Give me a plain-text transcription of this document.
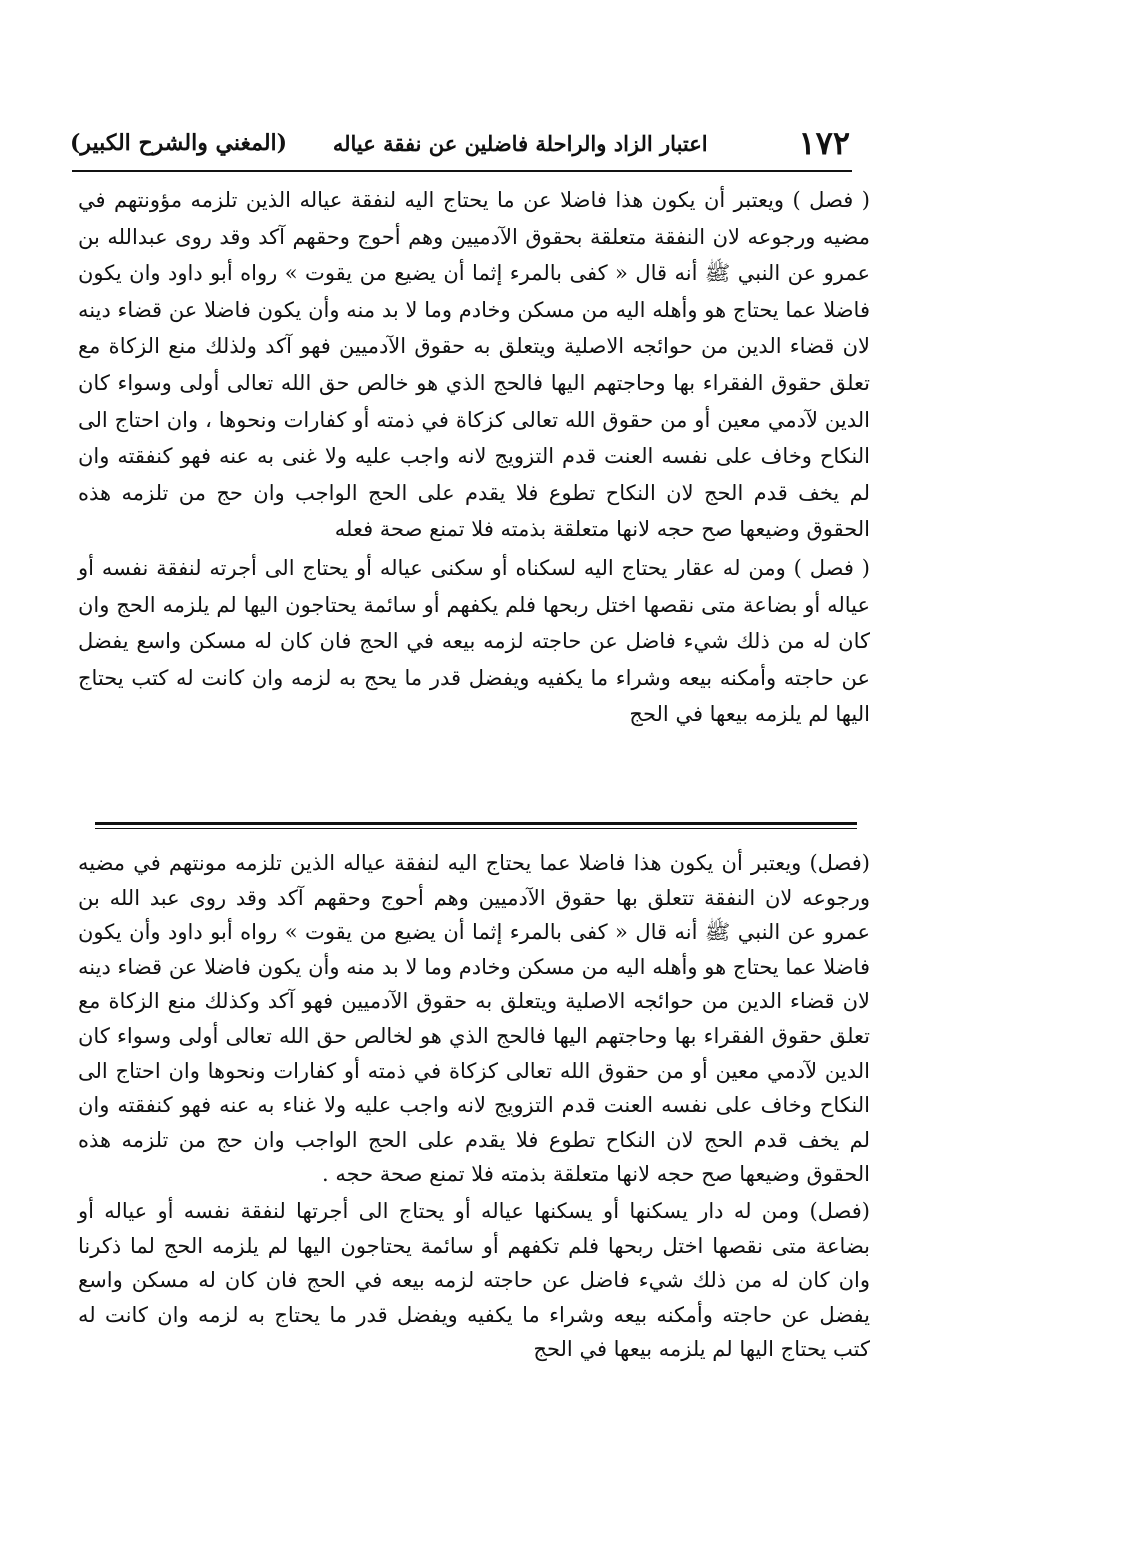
١٧٢
اعتبار الزاد والراحلة فاضلين عن نفقة عياله
(المغني والشرح الكبير)

( فصل ) ويعتبر أن يكون هذا فاضلا عن ما يحتاج اليه لنفقة عياله الذين تلزمه مؤونتهم في مضيه ورجوعه لان النفقة متعلقة بحقوق الآدميين وهم أحوج وحقهم آكد وقد روى عبدالله بن عمرو عن النبي ﷺ أنه قال « كفى بالمرء إثما أن يضيع من يقوت » رواه أبو داود وان يكون فاضلا عما يحتاج هو وأهله اليه من مسكن وخادم وما لا بد منه وأن يكون فاضلا عن قضاء دينه لان قضاء الدين من حوائجه الاصلية ويتعلق به حقوق الآدميين فهو آكد ولذلك منع الزكاة مع تعلق حقوق الفقراء بها وحاجتهم اليها فالحج الذي هو خالص حق الله تعالى أولى وسواء كان الدين لآدمي معين أو من حقوق الله تعالى كزكاة في ذمته أو كفارات ونحوها ، وان احتاج الى النكاح وخاف على نفسه العنت قدم التزويج لانه واجب عليه ولا غنى به عنه فهو كنفقته وان لم يخف قدم الحج لان النكاح تطوع فلا يقدم على الحج الواجب وان حج من تلزمه هذه الحقوق وضيعها صح حجه لانها متعلقة بذمته فلا تمنع صحة فعله

( فصل ) ومن له عقار يحتاج اليه لسكناه أو سكنى عياله أو يحتاج الى أجرته لنفقة نفسه أو عياله أو بضاعة متى نقصها اختل ربحها فلم يكفهم أو سائمة يحتاجون اليها لم يلزمه الحج وان كان له من ذلك شيء فاضل عن حاجته لزمه بيعه في الحج فان كان له مسكن واسع يفضل عن حاجته وأمكنه بيعه وشراء ما يكفيه ويفضل قدر ما يحج به لزمه وان كانت له كتب يحتاج اليها لم يلزمه بيعها في الحج

(فصل) ويعتبر أن يكون هذا فاضلا عما يحتاج اليه لنفقة عياله الذين تلزمه مونتهم في مضيه ورجوعه لان النفقة تتعلق بها حقوق الآدميين وهم أحوج وحقهم آكد وقد روى عبد الله بن عمرو عن النبي ﷺ أنه قال « كفى بالمرء إثما أن يضيع من يقوت » رواه أبو داود وأن يكون فاضلا عما يحتاج هو وأهله اليه من مسكن وخادم وما لا بد منه وأن يكون فاضلا عن قضاء دينه لان قضاء الدين من حوائجه الاصلية ويتعلق به حقوق الآدميين فهو آكد وكذلك منع الزكاة مع تعلق حقوق الفقراء بها وحاجتهم اليها فالحج الذي هو لخالص حق الله تعالى أولى وسواء كان الدين لآدمي معين أو من حقوق الله تعالى كزكاة في ذمته أو كفارات ونحوها وان احتاج الى النكاح وخاف على نفسه العنت قدم التزويج لانه واجب عليه ولا غناء به عنه فهو كنفقته وان لم يخف قدم الحج لان النكاح تطوع فلا يقدم على الحج الواجب وان حج من تلزمه هذه الحقوق وضيعها صح حجه لانها متعلقة بذمته فلا تمنع صحة حجه .

(فصل) ومن له دار يسكنها أو يسكنها عياله أو يحتاج الى أجرتها لنفقة نفسه أو عياله أو بضاعة متى نقصها اختل ربحها فلم تكفهم أو سائمة يحتاجون اليها لم يلزمه الحج لما ذكرنا وان كان له من ذلك شيء فاضل عن حاجته لزمه بيعه في الحج فان كان له مسكن واسع يفضل عن حاجته وأمكنه بيعه وشراء ما يكفيه ويفضل قدر ما يحتاج به لزمه وان كانت له كتب يحتاج اليها لم يلزمه بيعها في الحج
